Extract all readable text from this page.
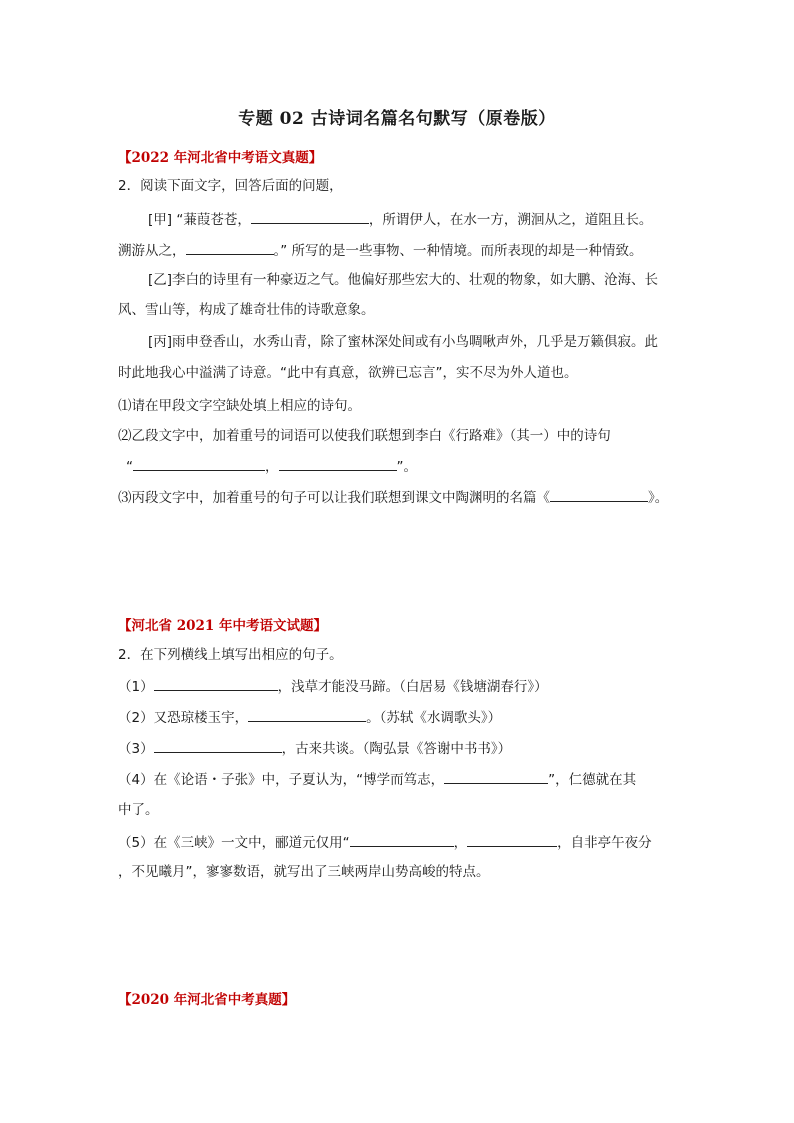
专题 02 古诗词名篇名句默写（原卷版）
【2022 年河北省中考语文真题】
2．阅读下面文字，回答后面的问题，
[甲] “蒹葭苍苍，	，所谓伊人，在水一方，溯洄从之，道阻且长。
溯游从之，	。” 所写的是一些事物、一种情境。而所表现的却是一种情致。
[乙]李白的诗里有一种豪迈之气。他偏好那些宏大的、壮观的物象，如大鹏、沧海、长
风、雪山等，构成了雄奇壮伟的诗歌意象。
[丙]雨申登香山，水秀山青，除了蜜林深处间或有小鸟啁啾声外，几乎是万籁俱寂。此
时此地我心中溢满了诗意。“此中有真意，欲辨已忘言”，实不尽为外人道也。
⑴请在甲段文字空缺处填上相应的诗句。
⑵乙段文字中，加着重号的词语可以使我们联想到李白《行路难》（其一）中的诗句
“	，	”。
⑶丙段文字中，加着重号的句子可以让我们联想到课文中陶渊明的名篇《	》。
【河北省 2021 年中考语文试题】
2．在下列横线上填写出相应的句子。
（1）	，浅草才能没马蹄。（白居易《钱塘湖春行》）
（2）又恐琼楼玉宇，	。（苏轼《水调歌头》）
（3）	，古来共谈。（陶弘景《答谢中书书》）
（4）在《论语・子张》中，子夏认为，“博学而笃志，	”，仁德就在其
中了。
（5）在《三峡》一文中，郦道元仅用“	，	，自非亭午夜分
，不见曦月”，寥寥数语，就写出了三峡两岸山势高峻的特点。
【2020 年河北省中考真题】
